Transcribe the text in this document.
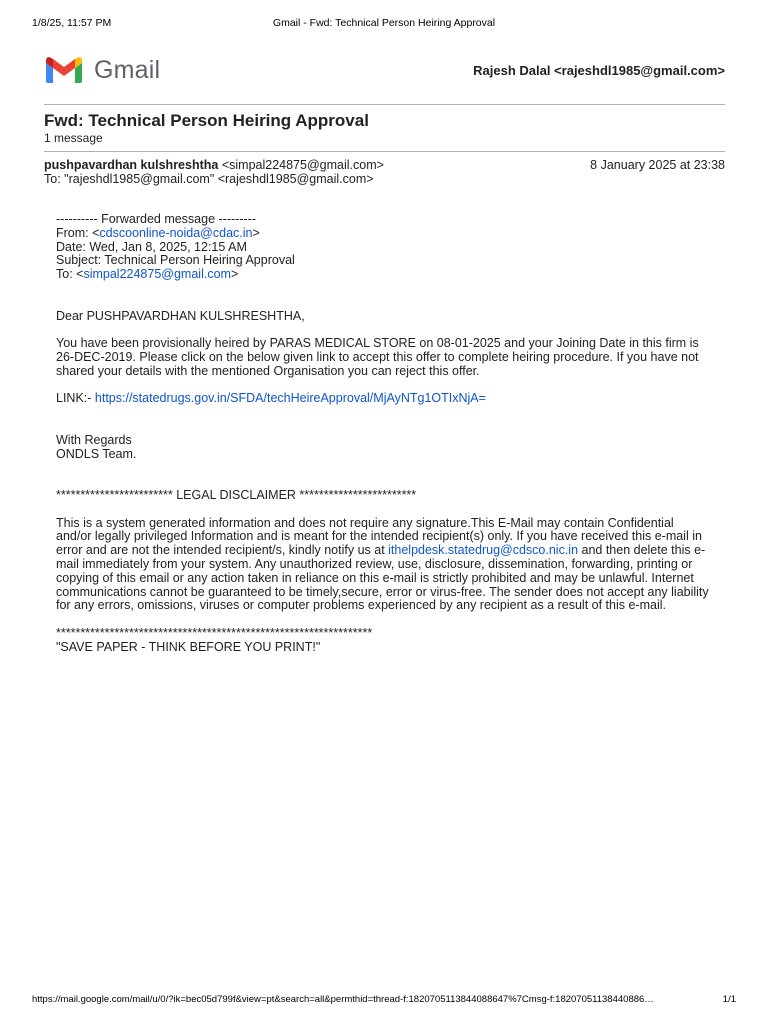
1/8/25, 11:57 PM	Gmail - Fwd: Technical Person Heiring Approval
Gmail	Rajesh Dalal <rajeshdl1985@gmail.com>
Fwd: Technical Person Heiring Approval
1 message
pushpavardhan kulshreshtha <simpal224875@gmail.com>	8 January 2025 at 23:38
To: "rajeshdl1985@gmail.com" <rajeshdl1985@gmail.com>

---------- Forwarded message ---------

From: <cdscoonline-noida@cdac.in>

Date: Wed, Jan 8, 2025, 12:15 AM

Subject: Technical Person Heiring Approval

To: <simpal224875@gmail.com>

Dear PUSHPAVARDHAN KULSHRESHTHA,

You have been provisionally heired by PARAS MEDICAL STORE on 08-01-2025 and your Joining Date in this firm is

26-DEC-2019. Please click on the below given link to accept this offer to complete heiring procedure. If you have not

shared your details with the mentioned Organisation you can reject this offer.

LINK:- https://statedrugs.gov.in/SFDA/techHeireApproval/MjAyNTg1OTIxNjA=

With Regards

ONDLS Team.

************************ LEGAL DISCLAIMER ************************

This is a system generated information and does not require any signature.This E-Mail may contain Confidential

and/or legally privileged Information and is meant for the intended recipient(s) only. If you have received this e-mail in

error and are not the intended recipient/s, kindly notify us at ithelpdesk.statedrug@cdsco.nic.in and then delete this e-

mail immediately from your system. Any unauthorized review, use, disclosure, dissemination, forwarding, printing or

copying of this email or any action taken in reliance on this e-mail is strictly prohibited and may be unlawful. Internet

communications cannot be guaranteed to be timely,secure, error or virus-free. The sender does not accept any liability

for any errors, omissions, viruses or computer problems experienced by any recipient as a result of this e-mail.

*****************************************************************

"SAVE PAPER - THINK BEFORE YOU PRINT!"

https://mail.google.com/mail/u/0/?ik=bec05d799f&view=pt&search=all&permthid=thread-f:1820705113844088647%7Cmsg-f:18207051138440886…	1/1
